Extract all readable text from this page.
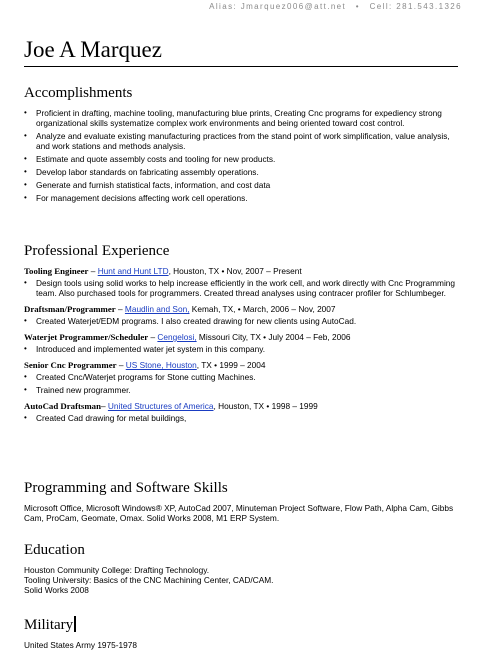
Alias: Jmarquez006@att.net • Cell: 281.543.1326
Joe A Marquez
Accomplishments
• Proficient in drafting, machine tooling, manufacturing blue prints, Creating Cnc programs for expediency strong organizational skills systematize complex work environments and being oriented toward cost control.
• Analyze and evaluate existing manufacturing practices from the stand point of work simplification, value analysis, and work stations and methods analysis.
• Estimate and quote assembly costs and tooling for new products.
• Develop labor standards on fabricating assembly operations.
• Generate and furnish statistical facts, information, and cost data
• For management decisions affecting work cell operations.
Professional Experience

Tooling Engineer – Hunt and Hunt LTD, Houston, TX • Nov, 2007 – Present

• Design tools using solid works to help increase efficiently in the work cell, and work directly with Cnc Programming team. Also purchased tools for programmers. Created thread analyses using contracer profiler for Schlumbeger.

Draftsman/Programmer – Maudlin and Son, Kemah, TX, • March, 2006 – Nov, 2007

• Created Waterjet/EDM programs. I also created drawing for new clients using AutoCad.

Waterjet Programmer/Scheduler – Cengelosi, Missouri City, TX • July 2004 – Feb, 2006

• Introduced and implemented water jet system in this company.

Senior Cnc Programmer – US Stone, Houston, TX • 1999 – 2004

• Created Cnc/Waterjet programs for Stone cutting Machines.
• Trained new programmer.

AutoCad Draftsman– United Structures of America, Houston, TX • 1998 – 1999

• Created Cad drawing for metal buildings,
Programming and Software Skills

Microsoft Office, Microsoft Windows® XP, AutoCad 2007, Minuteman Project Software, Flow Path, Alpha Cam, Gibbs Cam, ProCam, Geomate, Omax. Solid Works 2008, M1 ERP System.

Education

Houston Community College: Drafting Technology.

Tooling University: Basics of the CNC Machining Center, CAD/CAM.

Solid Works 2008

Military

United States Army 1975-1978
